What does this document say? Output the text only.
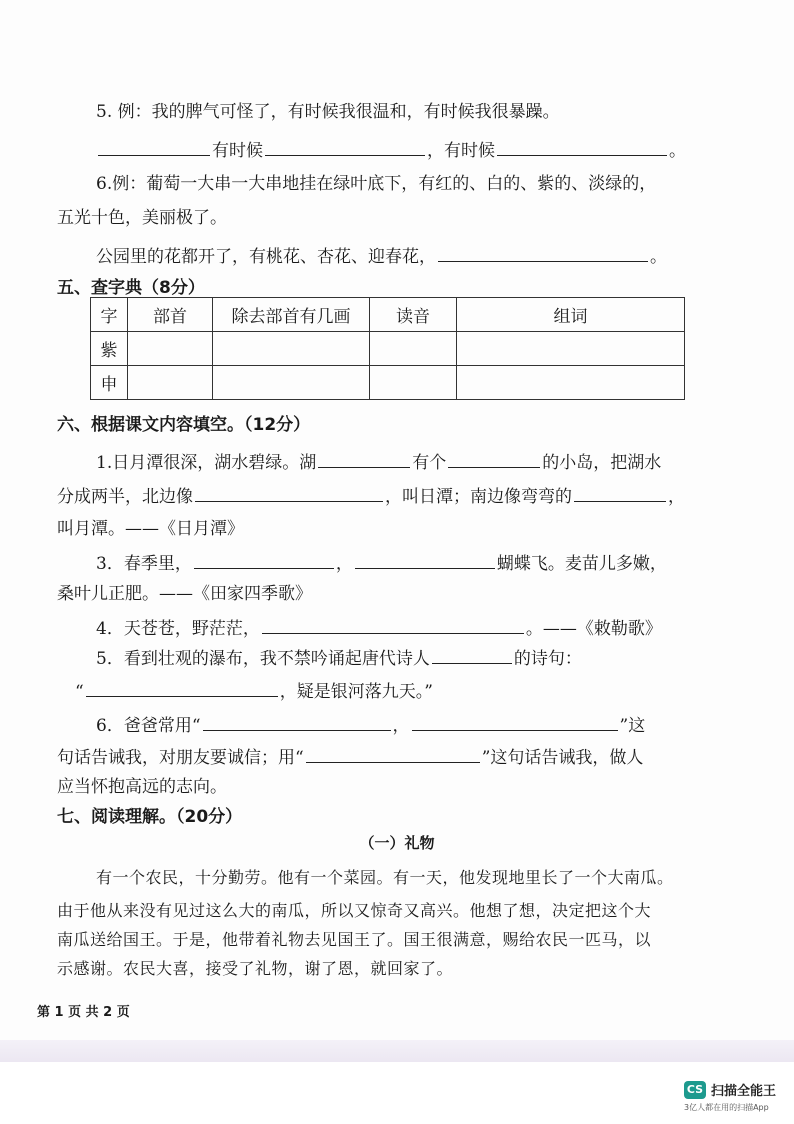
5. 例：我的脾气可怪了，有时候我很温和，有时候我很暴躁。
有时候	，有时候	。
6.例：葡萄一大串一大串地挂在绿叶底下，有红的、白的、紫的、淡绿的，
五光十色，美丽极了。
公园里的花都开了，有桃花、杏花、迎春花，	。
五、查字典（8分）
字	部首	除去部首有几画	读音	组词
紫				
申				
六、根据课文内容填空。（12分）
1.日月潭很深，湖水碧绿。湖	有个	的小岛，把湖水
分成两半，北边像	，叫日潭；南边像弯弯的	，
叫月潭。——《日月潭》
3．春季里，	，	蝴蝶飞。麦苗儿多嫩，
桑叶儿正肥。——《田家四季歌》
4．天苍苍，野茫茫，	。——《敕勒歌》
5．看到壮观的瀑布，我不禁吟诵起唐代诗人	的诗句：
“	，疑是银河落九天。”
6．爸爸常用“	，	”这
句话告诫我，对朋友要诚信；用“	”这句话告诫我，做人
应当怀抱高远的志向。
七、阅读理解。（20分）
（一）礼物
有一个农民，十分勤劳。他有一个菜园。有一天，他发现地里长了一个大南瓜。
由于他从来没有见过这么大的南瓜，所以又惊奇又高兴。他想了想，决定把这个大
南瓜送给国王。于是，他带着礼物去见国王了。国王很满意，赐给农民一匹马，以
示感谢。农民大喜，接受了礼物，谢了恩，就回家了。
第 1 页 共 2 页
CS 扫描全能王
3亿人都在用的扫描App
